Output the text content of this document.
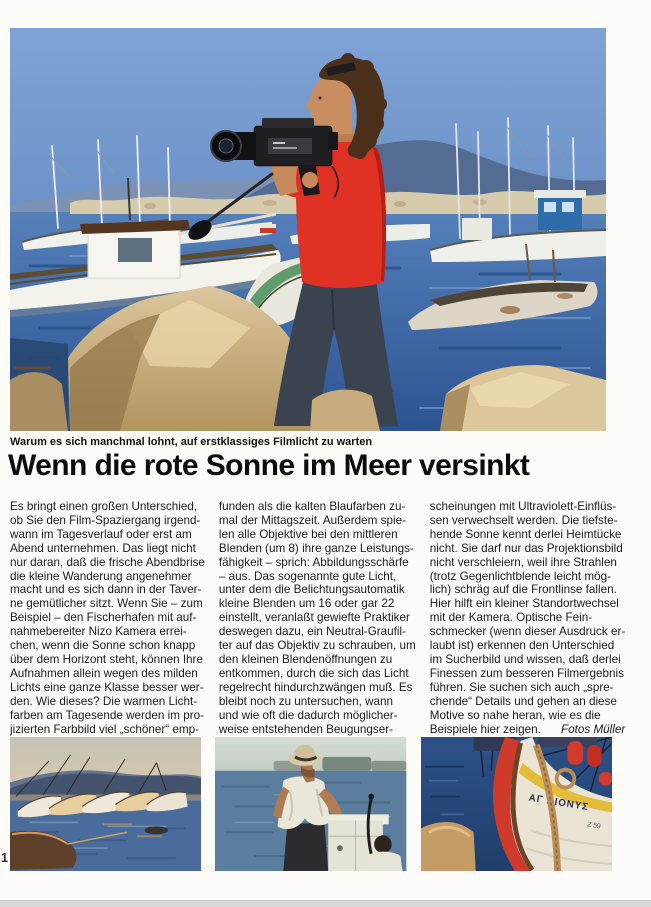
Warum es sich manchmal lohnt, auf erstklassiges Filmlicht zu warten
Wenn die rote Sonne im Meer versinkt
Es bringt einen großen Unterschied,
ob Sie den Film-Spaziergang irgend-
wann im Tagesverlauf oder erst am
Abend unternehmen. Das liegt nicht
nur daran, daß die frische Abendbrise
die kleine Wanderung angenehmer
macht und es sich dann in der Taver-
ne gemütlicher sitzt. Wenn Sie – zum
Beispiel – den Fischerhafen mit auf-
nahmebereiter Nizo Kamera errei-
chen, wenn die Sonne schon knapp
über dem Horizont steht, können Ihre
Aufnahmen allein wegen des milden
Lichts eine ganze Klasse besser wer-
den. Wie dieses? Die warmen Licht-
farben am Tagesende werden im pro-
jizierten Farbbild viel „schöner“ emp-
funden als die kalten Blaufarben zu-
mal der Mittagszeit. Außerdem spie-
len alle Objektive bei den mittleren
Blenden (um 8) ihre ganze Leistungs-
fähigkeit – sprich: Abbildungsschärfe
– aus. Das sogenannte gute Licht,
unter dem die Belichtungsautomatik
kleine Blenden um 16 oder gar 22
einstellt, veranlaßt gewiefte Praktiker
deswegen dazu, ein Neutral-Graufil-
ter auf das Objektiv zu schrauben, um
den kleinen Blendenöffnungen zu
entkommen, durch die sich das Licht
regelrecht hindurchzwängen muß. Es
bleibt noch zu untersuchen, wann
und wie oft die dadurch möglicher-
weise entstehenden Beugungser-
scheinungen mit Ultraviolett-Einflüs-
sen verwechselt werden. Die tiefste-
hende Sonne kennt derlei Heimtücke
nicht. Sie darf nur das Projektionsbild
nicht verschleiern, weil ihre Strahlen
(trotz Gegenlichtblende leicht mög-
lich) schräg auf die Frontlinse fallen.
Hier hilft ein kleiner Standortwechsel
mit der Kamera. Optische Fein-
schmecker (wenn dieser Ausdruck er-
laubt ist) erkennen den Unterschied
im Sucherbild und wissen, daß derlei
Finessen zum besseren Filmergebnis
führen. Sie suchen sich auch „spre-
chende“ Details und gehen an diese
Motive so nahe heran, wie es die
Beispiele hier zeigen.	Fotos Müller
ΑΓ ΔΙΟΝΥΣ
Z 59
1
